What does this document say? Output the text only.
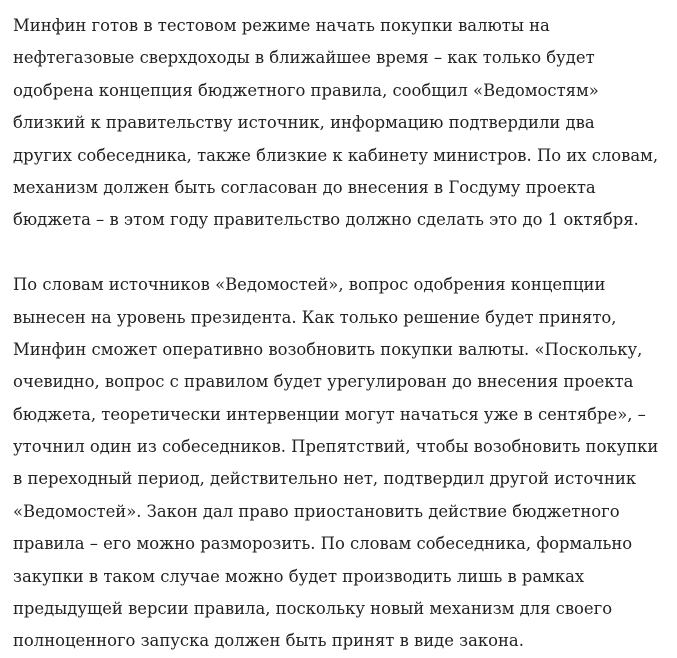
Минфин готов в тестовом режиме начать покупки валюты на
нефтегазовые сверхдоходы в ближайшее время – как только будет
одобрена концепция бюджетного правила, сообщил «Ведомостям»
близкий к правительству источник, информацию подтвердили два
других собеседника, также близкие к кабинету министров. По их словам,
механизм должен быть согласован до внесения в Госдуму проекта
бюджета – в этом году правительство должно сделать это до 1 октября.

По словам источников «Ведомостей», вопрос одобрения концепции
вынесен на уровень президента. Как только решение будет принято,
Минфин сможет оперативно возобновить покупки валюты. «Поскольку,
очевидно, вопрос с правилом будет урегулирован до внесения проекта
бюджета, теоретически интервенции могут начаться уже в сентябре», –
уточнил один из собеседников. Препятствий, чтобы возобновить покупки
в переходный период, действительно нет, подтвердил другой источник
«Ведомостей». Закон дал право приостановить действие бюджетного
правила – его можно разморозить. По словам собеседника, формально
закупки в таком случае можно будет производить лишь в рамках
предыдущей версии правила, поскольку новый механизм для своего
полноценного запуска должен быть принят в виде закона.
